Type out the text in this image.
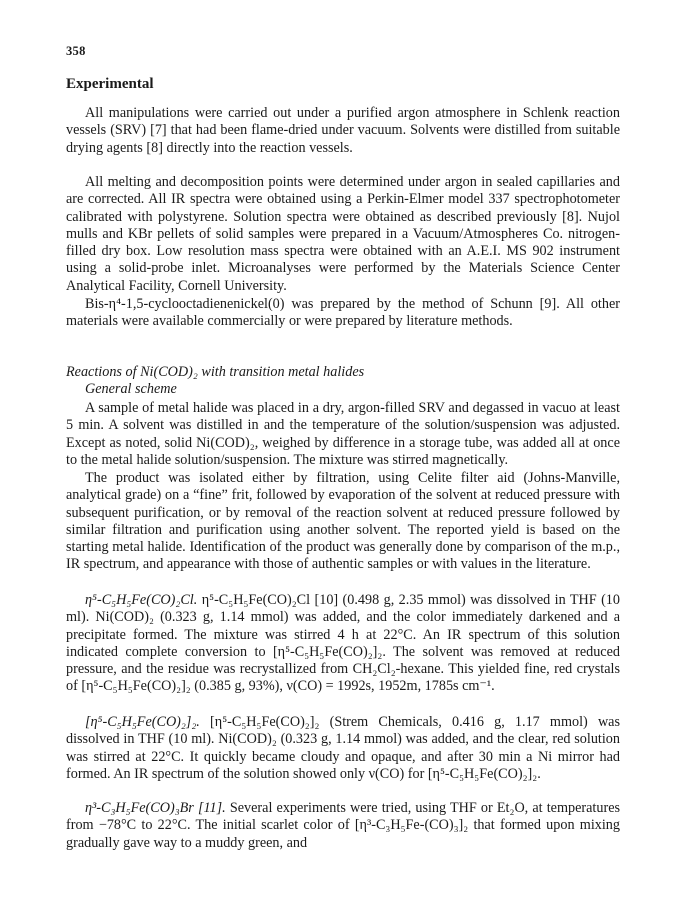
358
Experimental

All manipulations were carried out under a purified argon atmosphere in Schlenk reaction vessels (SRV) [7] that had been flame-dried under vacuum. Solvents were distilled from suitable drying agents [8] directly into the reaction vessels.

All melting and decomposition points were determined under argon in sealed capillaries and are corrected. All IR spectra were obtained using a Perkin-Elmer model 337 spectrophotometer calibrated with polystyrene. Solution spectra were obtained as described previously [8]. Nujol mulls and KBr pellets of solid samples were prepared in a Vacuum/Atmospheres Co. nitrogen-filled dry box. Low resolution mass spectra were obtained with an A.E.I. MS 902 instrument using a solid-probe inlet. Microanalyses were performed by the Materials Science Center Analytical Facility, Cornell University.

Bis-η⁴-1,5-cyclooctadienenickel(0) was prepared by the method of Schunn [9]. All other materials were available commercially or were prepared by literature methods.

Reactions of Ni(COD)₂ with transition metal halides
General scheme

A sample of metal halide was placed in a dry, argon-filled SRV and degassed in vacuo at least 5 min. A solvent was distilled in and the temperature of the solution/suspension was adjusted. Except as noted, solid Ni(COD)₂, weighed by difference in a storage tube, was added all at once to the metal halide solution/suspension. The mixture was stirred magnetically.

The product was isolated either by filtration, using Celite filter aid (Johns-Manville, analytical grade) on a “fine” frit, followed by evaporation of the solvent at reduced pressure with subsequent purification, or by removal of the reaction solvent at reduced pressure followed by similar filtration and purification using another solvent. The reported yield is based on the starting metal halide. Identification of the product was generally done by comparison of the m.p., IR spectrum, and appearance with those of authentic samples or with values in the literature.

η⁵-C₅H₅Fe(CO)₂Cl. η⁵-C₅H₅Fe(CO)₂Cl [10] (0.498 g, 2.35 mmol) was dissolved in THF (10 ml). Ni(COD)₂ (0.323 g, 1.14 mmol) was added, and the color immediately darkened and a precipitate formed. The mixture was stirred 4 h at 22°C. An IR spectrum of this solution indicated complete conversion to [η⁵-C₅H₅Fe(CO)₂]₂. The solvent was removed at reduced pressure, and the residue was recrystallized from CH₂Cl₂-hexane. This yielded fine, red crystals of [η⁵-C₅H₅Fe(CO)₂]₂ (0.385 g, 93%), ν(CO) = 1992s, 1952m, 1785s cm⁻¹.

[η⁵-C₅H₅Fe(CO)₂]₂. [η⁵-C₅H₅Fe(CO)₂]₂ (Strem Chemicals, 0.416 g, 1.17 mmol) was dissolved in THF (10 ml). Ni(COD)₂ (0.323 g, 1.14 mmol) was added, and the clear, red solution was stirred at 22°C. It quickly became cloudy and opaque, and after 30 min a Ni mirror had formed. An IR spectrum of the solution showed only ν(CO) for [η⁵-C₅H₅Fe(CO)₂]₂.

η³-C₃H₅Fe(CO)₃Br [11]. Several experiments were tried, using THF or Et₂O, at temperatures from −78°C to 22°C. The initial scarlet color of [η³-C₃H₅Fe-(CO)₃]₂ that formed upon mixing gradually gave way to a muddy green, and
